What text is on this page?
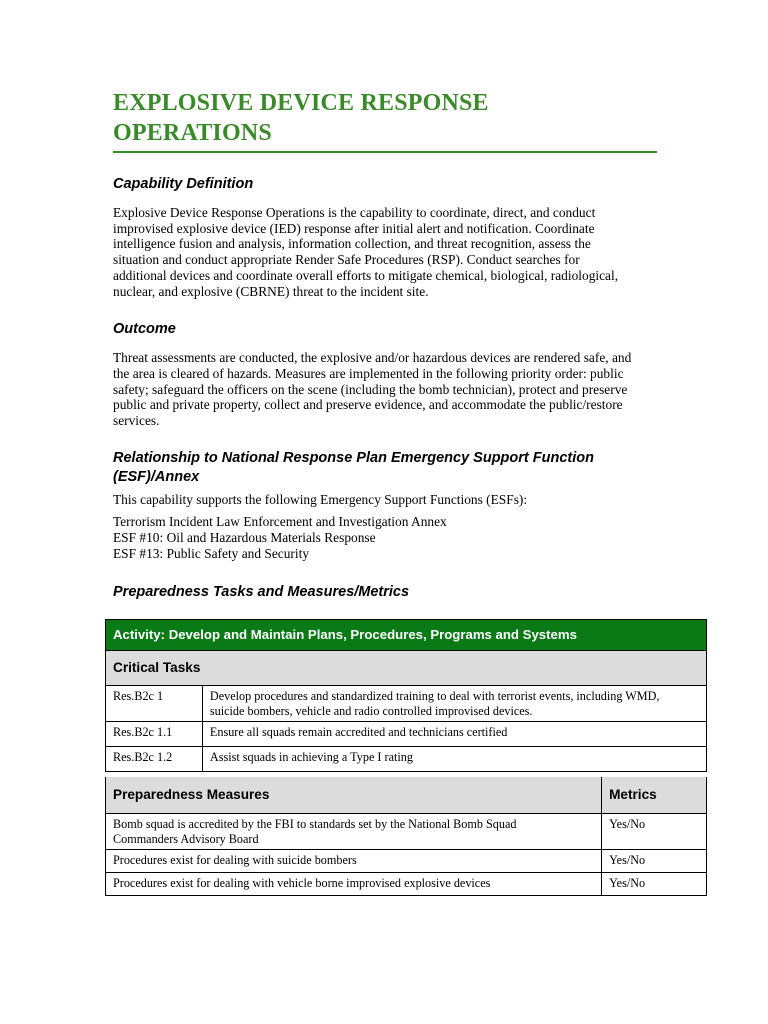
EXPLOSIVE DEVICE RESPONSE
OPERATIONS
Capability Definition

Explosive Device Response Operations is the capability to coordinate, direct, and conduct
improvised explosive device (IED) response after initial alert and notification. Coordinate
intelligence fusion and analysis, information collection, and threat recognition, assess the
situation and conduct appropriate Render Safe Procedures (RSP). Conduct searches for
additional devices and coordinate overall efforts to mitigate chemical, biological, radiological,
nuclear, and explosive (CBRNE) threat to the incident site.

Outcome

Threat assessments are conducted, the explosive and/or hazardous devices are rendered safe, and
the area is cleared of hazards. Measures are implemented in the following priority order: public
safety; safeguard the officers on the scene (including the bomb technician), protect and preserve
public and private property, collect and preserve evidence, and accommodate the public/restore
services.

Relationship to National Response Plan Emergency Support Function
(ESF)/Annex

This capability supports the following Emergency Support Functions (ESFs):

Terrorism Incident Law Enforcement and Investigation Annex
ESF #10: Oil and Hazardous Materials Response
ESF #13: Public Safety and Security

Preparedness Tasks and Measures/Metrics
Activity: Develop and Maintain Plans, Procedures, Programs and Systems	
Critical Tasks	
Res.B2c 1	Develop procedures and standardized training to deal with terrorist events, including WMD,
suicide bombers, vehicle and radio controlled improvised devices.
Res.B2c 1.1	Ensure all squads remain accredited and technicians certified
Res.B2c 1.2	Assist squads in achieving a Type I rating
Preparedness Measures	Metrics
Bomb squad is accredited by the FBI to standards set by the National Bomb Squad
Commanders Advisory Board	Yes/No
Procedures exist for dealing with suicide bombers	Yes/No
Procedures exist for dealing with vehicle borne improvised explosive devices	Yes/No
